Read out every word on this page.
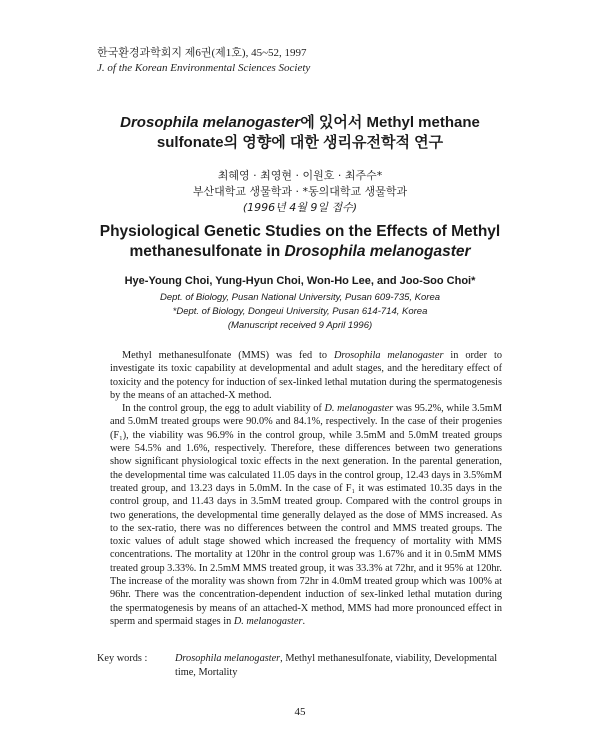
한국환경과학회지 제6권(제1호), 45~52, 1997
J. of the Korean Environmental Sciences Society
Drosophila melanogaster에 있어서 Methyl methane
sulfonate의 영향에 대한 생리유전학적 연구
최혜영 · 최영현 · 이원호 · 최주수*
부산대학교 생물학과 · *동의대학교 생물학과
(1996년 4월 9일 접수)
Physiological Genetic Studies on the Effects of Methyl
methanesulfonate in Drosophila melanogaster
Hye-Young Choi, Yung-Hyun Choi, Won-Ho Lee, and Joo-Soo Choi*
Dept. of Biology, Pusan National University, Pusan 609-735, Korea
*Dept. of Biology, Dongeui University, Pusan 614-714, Korea
(Manuscript received 9 April 1996)

Methyl methanesulfonate (MMS) was fed to Drosophila melanogaster in order to investigate its toxic capability at developmental and adult stages, and the hereditary effect of toxicity and the potency for induction of sex-linked lethal mutation during the spermatogenesis by the means of an attached-X method.

In the control group, the egg to adult viability of D. melanogaster was 95.2%, while 3.5mM and 5.0mM treated groups were 90.0% and 84.1%, respectively. In the case of their progenies (F₁), the viability was 96.9% in the control group, while 3.5mM and 5.0mM treated groups were 54.5% and 1.6%, respectively. Therefore, these differences between two generations show significant physiological toxic effects in the next generation. In the parental generation, the developmental time was calculated 11.05 days in the control group, 12.43 days in 3.5%mM treated group, and 13.23 days in 5.0mM. In the case of F₁ it was estimated 10.35 days in the control group, and 11.43 days in 3.5mM treated group. Compared with the control groups in two generations, the developmental time generally delayed as the dose of MMS increased. As to the sex-ratio, there was no differences between the control and MMS treated groups. The toxic values of adult stage showed which increased the frequency of mortality with MMS concentrations. The mortality at 120hr in the control group was 1.67% and it in 0.5mM MMS treated group 3.33%. In 2.5mM MMS treated group, it was 33.3% at 72hr, and it 95% at 120hr. The increase of the morality was shown from 72hr in 4.0mM treated group which was 100% at 96hr. There was the concentration-dependent induction of sex-linked lethal mutation during the spermatogenesis by means of an attached-X method, MMS had more pronounced effect in sperm and spermaid stages in D. melanogaster.

Key words :	Drosophila melanogaster, Methyl methanesulfonate, viability, Developmental time, Mortality
45
